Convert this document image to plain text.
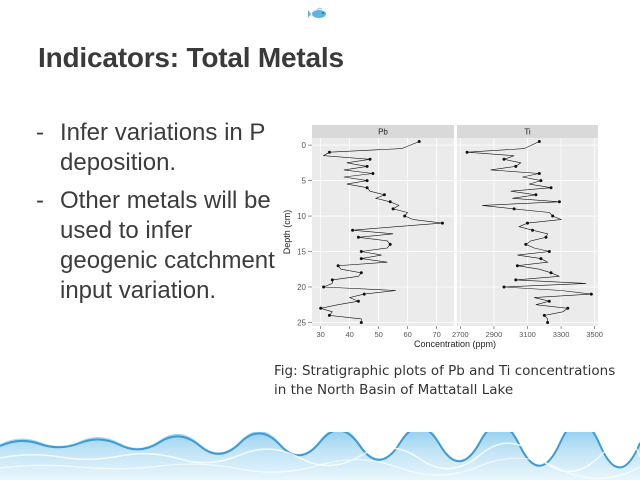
Indicators: Total Metals
- Infer variations in P deposition.
- Other metals will be used to infer geogenic catchment input variation.
Depth (cm)
0
5
10
15
20
25
Pb
30	40	50	60	70
Ti
2700 2900 3100 3300 3500
Concentration (ppm)
Fig: Stratigraphic plots of Pb and Ti concentrations
in the North Basin of Mattatall Lake
